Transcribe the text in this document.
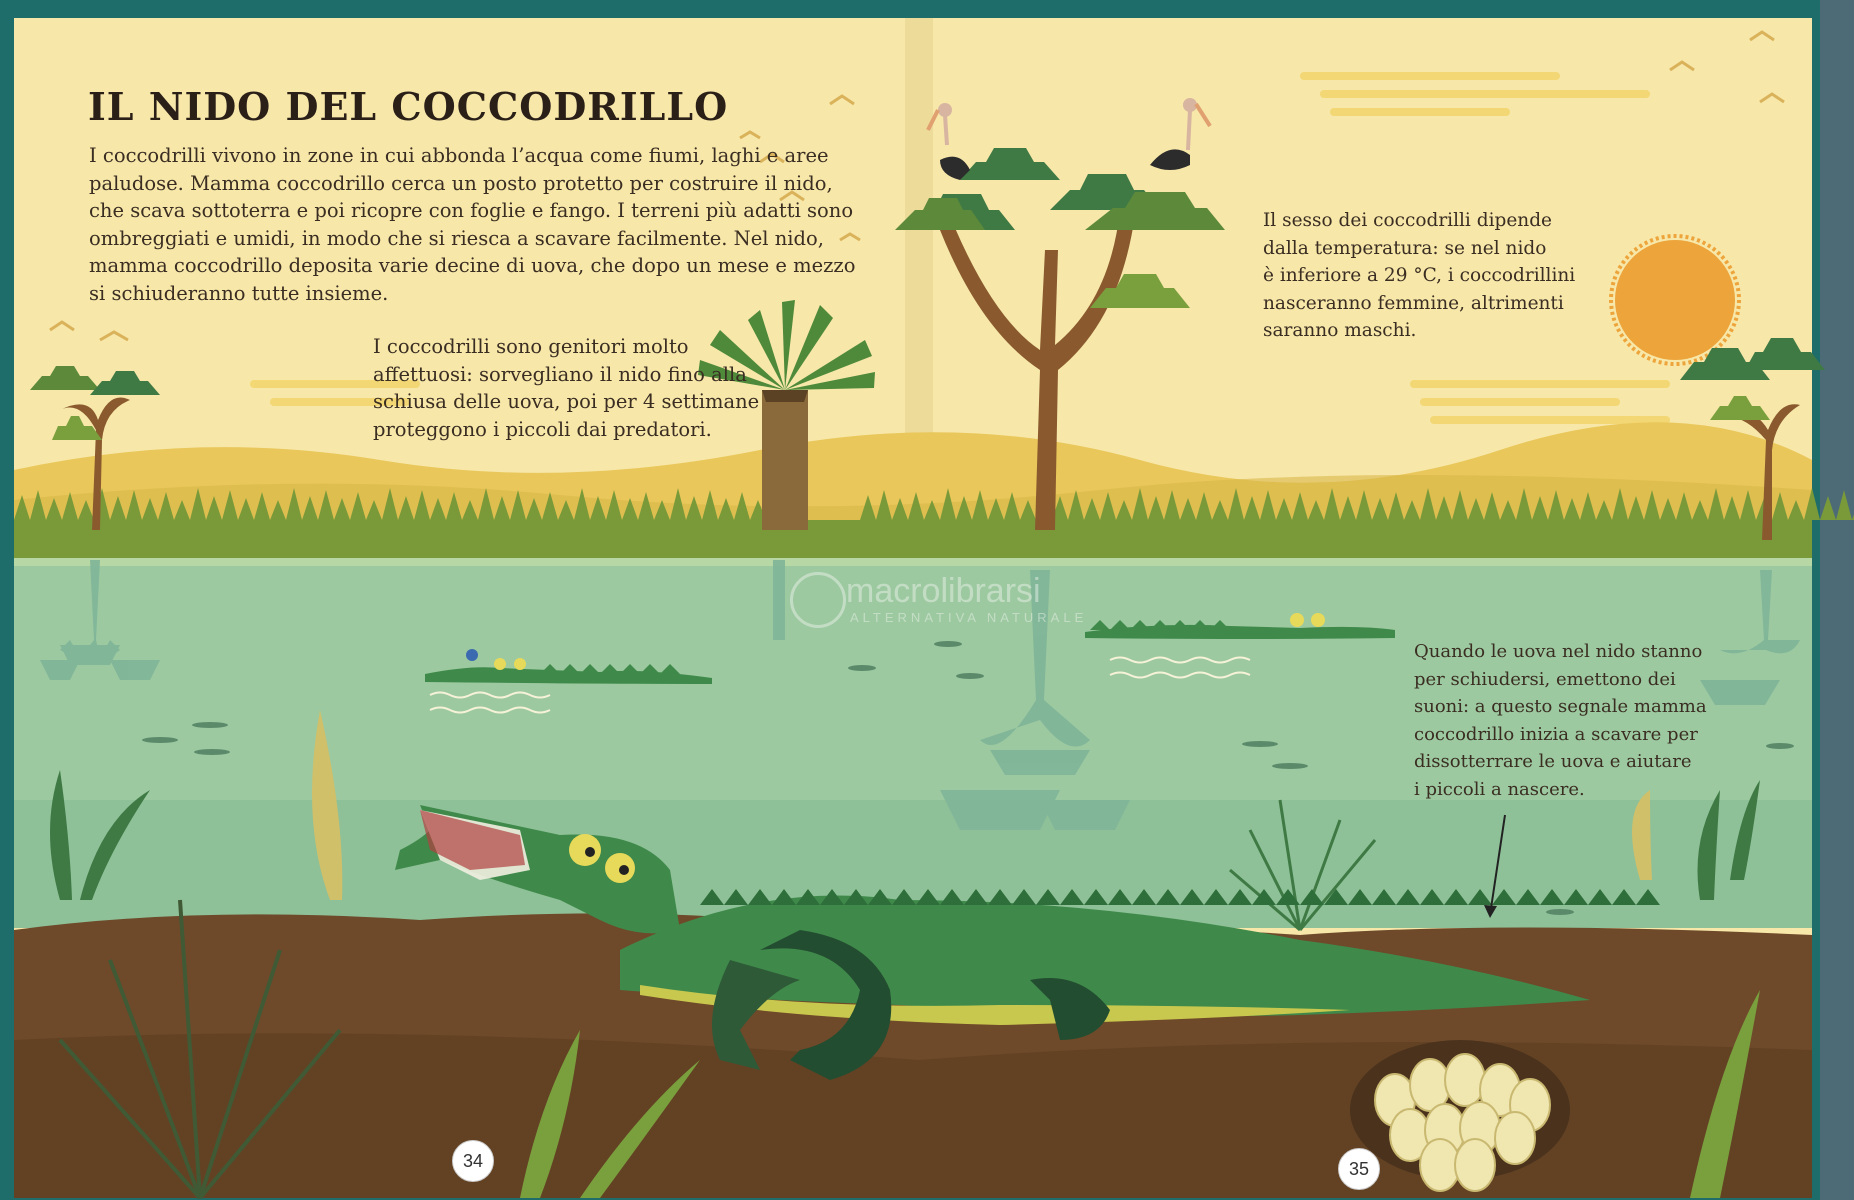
IL NIDO DEL COCCODRILLO
I coccodrilli vivono in zone in cui abbonda l’acqua come fiumi, laghi e aree
paludose. Mamma coccodrillo cerca un posto protetto per costruire il nido,
che scava sottoterra e poi ricopre con foglie e fango. I terreni più adatti sono
ombreggiati e umidi, in modo che si riesca a scavare facilmente. Nel nido,
mamma coccodrillo deposita varie decine di uova, che dopo un mese e mezzo
si schiuderanno tutte insieme.
I coccodrilli sono genitori molto
affettuosi: sorvegliano il nido fino alla
schiusa delle uova, poi per 4 settimane
proteggono i piccoli dai predatori.
Il sesso dei coccodrilli dipende
dalla temperatura: se nel nido
è inferiore a 29 °C, i coccodrillini
nasceranno femmine, altrimenti
saranno maschi.
Quando le uova nel nido stanno
per schiudersi, emettono dei
suoni: a questo segnale mamma
coccodrillo inizia a scavare per
dissotterrare le uova e aiutare
i piccoli a nascere.
34	35
macrolibrarsi
ALTERNATIVA NATURALE
